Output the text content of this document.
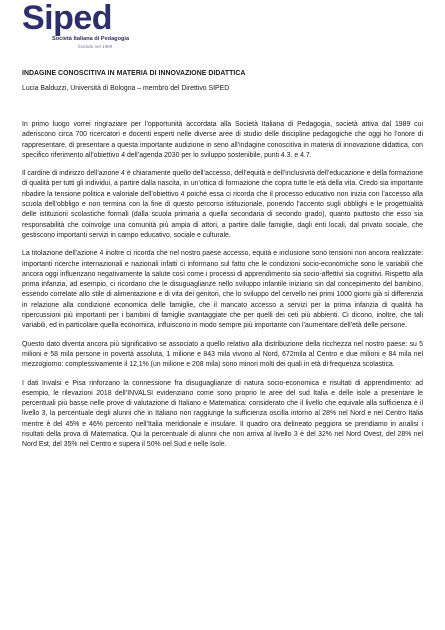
Siped
Società Italiana di Pedagogia
fondata nel 1989
INDAGINE CONOSCITIVA IN MATERIA DI INNOVAZIONE DIDATTICA
Lucia Balduzzi, Università di Bologna – membro del Direttivo SIPED

In primo luogo vorrei ringraziare per l’opportunità accordata alla Società Italiana di Pedagogia, società attiva dal 1989 cui aderiscono circa 700 ricercatori e docenti esperti nelle diverse aree di studio delle discipline pedagogiche che oggi ho l’onore di rappresentare, di presentare a questa importante audizione in seno all’indagine conoscitiva in materia di innovazione didattica, con specifico riferimento all’obiettivo 4 dell’agenda 2030 per lo sviluppo sostenibile, punti 4.3. e 4.7.

Il cardine di indirizzo dell’azione 4 è chiaramente quello dell’accesso, dell’equità e dell’inclusività dell’educazione e della formazione di qualità per tutti gli individui, a partire dalla nascita, in un’ottica di formazione che copra tutte le età della vita. Credo sia importante ribadire la tensione politica e valoriale dell’obiettivo 4 poiché essa ci ricorda che il processo educativo non inizia con l’accesso alla scuola dell’obbligo e non termina con la fine di questo percorso istituzionale, ponendo l’accento sugli obblighi e le progettualità delle istituzioni scolastiche formali (dalla scuola primaria a quella secondaria di secondo grado), quanto piuttosto che esso sia responsabilità che coinvolge una comunità più ampia di attori, a partire dalle famiglie, dagli enti locali, dal privato sociale, che gestiscono importanti servizi in campo educativo, sociale e culturale.

La titolazione dell’azione 4 inoltre ci ricorda che nel nostro paese accesso, equità e inclusione sono tensioni non ancora realizzate: importanti ricerche internazionali e nazionali infatti ci informano sul fatto che le condizioni socio-economiche sono le variabili che ancora oggi influenzano negativamente la salute così come i processi di apprendimento sia socio-affettivi sia cognitivi. Rispetto alla prima infanzia, ad esempio, ci ricordano che le disuguaglianze nello sviluppo infantile iniziano sin dal concepimento del bambino, essendo correlate allo stile di alimentazione e di vita dei genitori, che lo sviluppo del cervello nei primi 1000 giorni già si differenzia in relazione alla condizione economica delle famiglie, che il mancato accesso a servizi per la prima infanzia di qualità ha ripercussioni più importanti per i bambini di famiglie svantaggiate che per quelli dei ceti più abbienti. Ci dicono, inoltre, che tali variabili, ed in particolare quella economica, influiscono in modo sempre più importante con l’aumentare dell’età delle persone.

Questo dato diventa ancora più significativo se associato a quello relativo alla distribuzione della ricchezza nel nostro paese: su 5 milioni e 58 mila persone in povertà assoluta, 1 milione e 843 mila vivono al Nord, 672mila al Centro e due milioni e 84 mila nel mezzogiorno: complessivamente il 12,1% (un milione e 208 mila) sono minori molti dei quali in età di frequenza scolastica.

I dati Invalsi e Pisa rinforzano la connessione fra disuguaglianze di natura socio-economica e risultati di apprendimento: ad esempio, le rilevazioni 2018 dell’INVALSI evidenziano come sono proprio le aree del sud Italia e delle isole a presentare le percentuali più basse nelle prove di valutazione di Italiano e Matematica: considerato che il livello che equivale alla sufficienza è il livello 3, la percentuale degli alunni che in Italiano non raggiunge la sufficienza oscilla intorno al 28% nel Nord e nel Centro Italia mentre è del 45% e 46% percento nell’Italia meridionale e insulare. Il quadro ora delineato peggiora se prendiamo in analisi i risultati della prova di Matematica. Qui la percentuale di alunni che non arriva al livello 3 è del 32% nel Nord Ovest, del 28% nel Nord Est, del 35% nel Centro e supera il 50% nel Sud e nelle Isole.
